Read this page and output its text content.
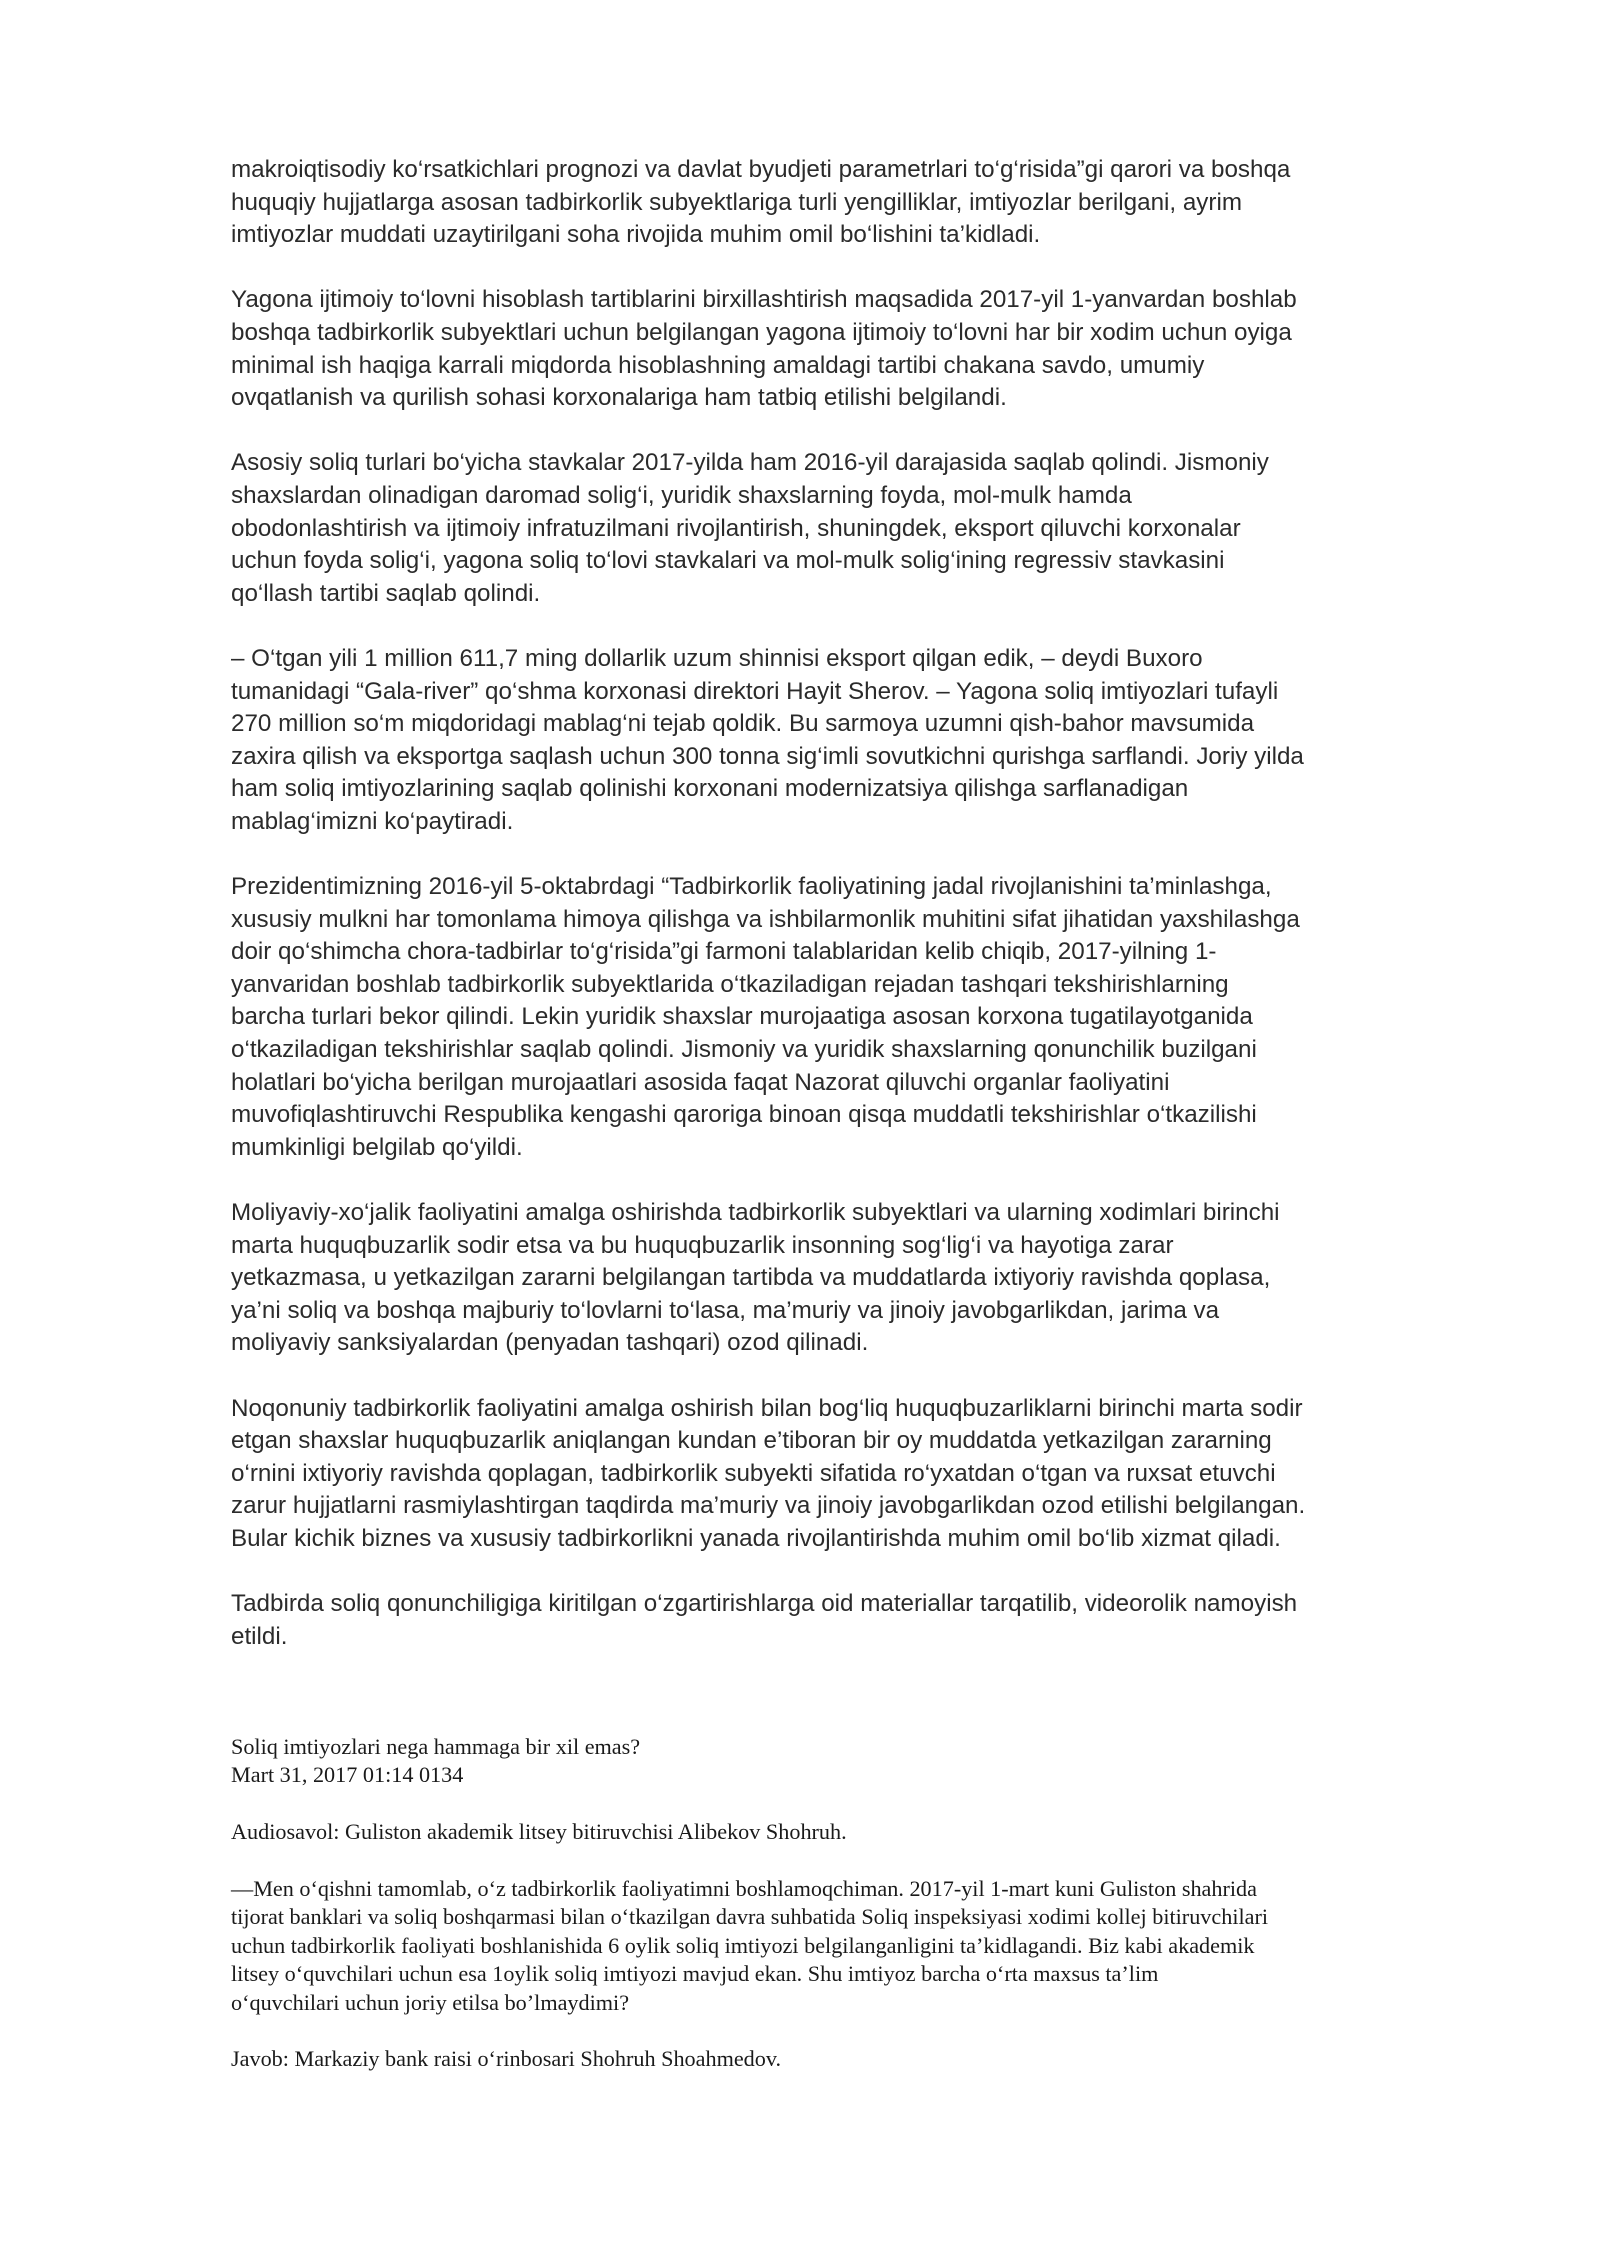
makroiqtisodiy ko‘rsatkichlari prognozi va davlat byudjeti parametrlari to‘g‘risida”gi qarori va boshqa
huquqiy hujjatlarga asosan tadbirkorlik subyektlariga turli yengilliklar, imtiyozlar berilgani, ayrim
imtiyozlar muddati uzaytirilgani soha rivojida muhim omil bo‘lishini ta’kidladi.

Yagona ijtimoiy to‘lovni hisoblash tartiblarini birxillashtirish maqsadida 2017-yil 1-yanvardan boshlab
boshqa tadbirkorlik subyektlari uchun belgilangan yagona ijtimoiy to‘lovni har bir xodim uchun oyiga
minimal ish haqiga karrali miqdorda hisoblashning amaldagi tartibi chakana savdo, umumiy
ovqatlanish va qurilish sohasi korxonalariga ham tatbiq etilishi belgilandi.

Asosiy soliq turlari bo‘yicha stavkalar 2017-yilda ham 2016-yil darajasida saqlab qolindi. Jismoniy
shaxslardan olinadigan daromad solig‘i, yuridik shaxslarning foyda, mol-mulk hamda
obodonlashtirish va ijtimoiy infratuzilmani rivojlantirish, shuningdek, eksport qiluvchi korxonalar
uchun foyda solig‘i, yagona soliq to‘lovi stavkalari va mol-mulk solig‘ining regressiv stavkasini
qo‘llash tartibi saqlab qolindi.

– O‘tgan yili 1 million 611,7 ming dollarlik uzum shinnisi eksport qilgan edik, – deydi Buxoro
tumanidagi “Gala-river” qo‘shma korxonasi direktori Hayit Sherov. – Yagona soliq imtiyozlari tufayli
270 million so‘m miqdoridagi mablag‘ni tejab qoldik. Bu sarmoya uzumni qish-bahor mavsumida
zaxira qilish va eksportga saqlash uchun 300 tonna sig‘imli sovutkichni qurishga sarflandi. Joriy yilda
ham soliq imtiyozlarining saqlab qolinishi korxonani modernizatsiya qilishga sarflanadigan
mablag‘imizni ko‘paytiradi.

Prezidentimizning 2016-yil 5-oktabrdagi “Tadbirkorlik faoliyatining jadal rivojlanishini ta’minlashga,
xususiy mulkni har tomonlama himoya qilishga va ishbilarmonlik muhitini sifat jihatidan yaxshilashga
doir qo‘shimcha chora-tadbirlar to‘g‘risida”gi farmoni talablaridan kelib chiqib, 2017-yilning 1-
yanvaridan boshlab tadbirkorlik subyektlarida o‘tkaziladigan rejadan tashqari tekshirishlarning
barcha turlari bekor qilindi. Lekin yuridik shaxslar murojaatiga asosan korxona tugatilayotganida
o‘tkaziladigan tekshirishlar saqlab qolindi. Jismoniy va yuridik shaxslarning qonunchilik buzilgani
holatlari bo‘yicha berilgan murojaatlari asosida faqat Nazorat qiluvchi organlar faoliyatini
muvofiqlashtiruvchi Respublika kengashi qaroriga binoan qisqa muddatli tekshirishlar o‘tkazilishi
mumkinligi belgilab qo‘yildi.

Moliyaviy-xo‘jalik faoliyatini amalga oshirishda tadbirkorlik subyektlari va ularning xodimlari birinchi
marta huquqbuzarlik sodir etsa va bu huquqbuzarlik insonning sog‘lig‘i va hayotiga zarar
yetkazmasa, u yetkazilgan zararni belgilangan tartibda va muddatlarda ixtiyoriy ravishda qoplasa,
ya’ni soliq va boshqa majburiy to‘lovlarni to‘lasa, ma’muriy va jinoiy javobgarlikdan, jarima va
moliyaviy sanksiyalardan (penyadan tashqari) ozod qilinadi.

Noqonuniy tadbirkorlik faoliyatini amalga oshirish bilan bog‘liq huquqbuzarliklarni birinchi marta sodir
etgan shaxslar huquqbuzarlik aniqlangan kundan e’tiboran bir oy muddatda yetkazilgan zararning
o‘rnini ixtiyoriy ravishda qoplagan, tadbirkorlik subyekti sifatida ro‘yxatdan o‘tgan va ruxsat etuvchi
zarur hujjatlarni rasmiylashtirgan taqdirda ma’muriy va jinoiy javobgarlikdan ozod etilishi belgilangan.
Bular kichik biznes va xususiy tadbirkorlikni yanada rivojlantirishda muhim omil bo‘lib xizmat qiladi.

Tadbirda soliq qonunchiligiga kiritilgan o‘zgartirishlarga oid materiallar tarqatilib, videorolik namoyish
etildi.

Soliq imtiyozlari nega hammaga bir xil emas?
Mart 31, 2017 01:14 0134

Audiosavol: Guliston akademik litsey bitiruvchisi Alibekov Shohruh.

—Men o‘qishni tamomlab, o‘z tadbirkorlik faoliyatimni boshlamoqchiman. 2017-yil 1-mart kuni Guliston shahrida
tijorat banklari va soliq boshqarmasi bilan o‘tkazilgan davra suhbatida Soliq inspeksiyasi xodimi kollej bitiruvchilari
uchun tadbirkorlik faoliyati boshlanishida 6 oylik soliq imtiyozi belgilanganligini ta’kidlagandi. Biz kabi akademik
litsey o‘quvchilari uchun esa 1oylik soliq imtiyozi mavjud ekan. Shu imtiyoz barcha o‘rta maxsus ta’lim
o‘quvchilari uchun joriy etilsa bo’lmaydimi?

Javob: Markaziy bank raisi o‘rinbosari Shohruh Shoahmedov.
